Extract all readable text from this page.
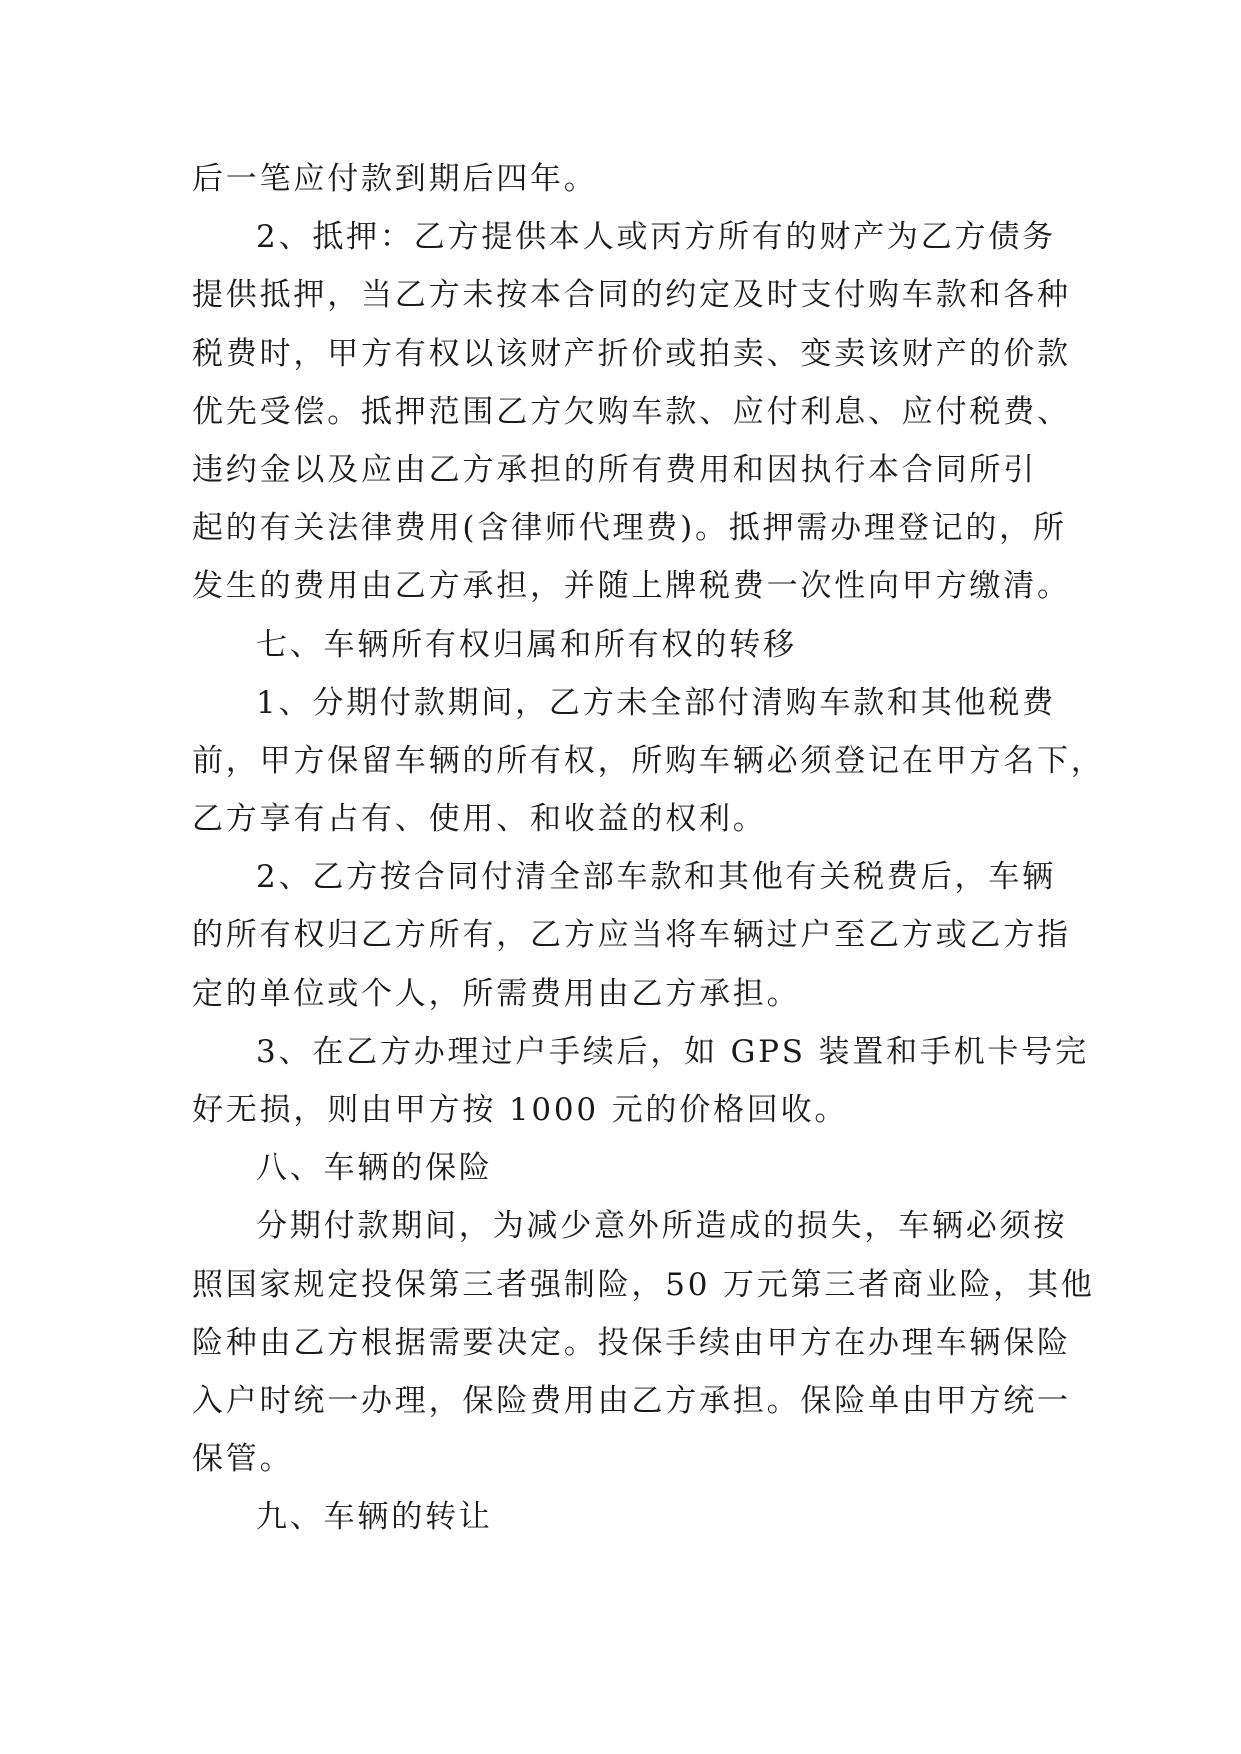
后一笔应付款到期后四年。
2、抵押：乙方提供本人或丙方所有的财产为乙方债务
提供抵押，当乙方未按本合同的约定及时支付购车款和各种
税费时，甲方有权以该财产折价或拍卖、变卖该财产的价款
优先受偿。抵押范围乙方欠购车款、应付利息、应付税费、
违约金以及应由乙方承担的所有费用和因执行本合同所引
起的有关法律费用(含律师代理费)。抵押需办理登记的，所
发生的费用由乙方承担，并随上牌税费一次性向甲方缴清。
七、车辆所有权归属和所有权的转移
1、分期付款期间，乙方未全部付清购车款和其他税费
前，甲方保留车辆的所有权，所购车辆必须登记在甲方名下，
乙方享有占有、使用、和收益的权利。
2、乙方按合同付清全部车款和其他有关税费后，车辆
的所有权归乙方所有，乙方应当将车辆过户至乙方或乙方指
定的单位或个人，所需费用由乙方承担。
3、在乙方办理过户手续后，如 GPS 装置和手机卡号完
好无损，则由甲方按 1000 元的价格回收。
八、车辆的保险
分期付款期间，为减少意外所造成的损失，车辆必须按
照国家规定投保第三者强制险，50 万元第三者商业险，其他
险种由乙方根据需要决定。投保手续由甲方在办理车辆保险
入户时统一办理，保险费用由乙方承担。保险单由甲方统一
保管。
九、车辆的转让
